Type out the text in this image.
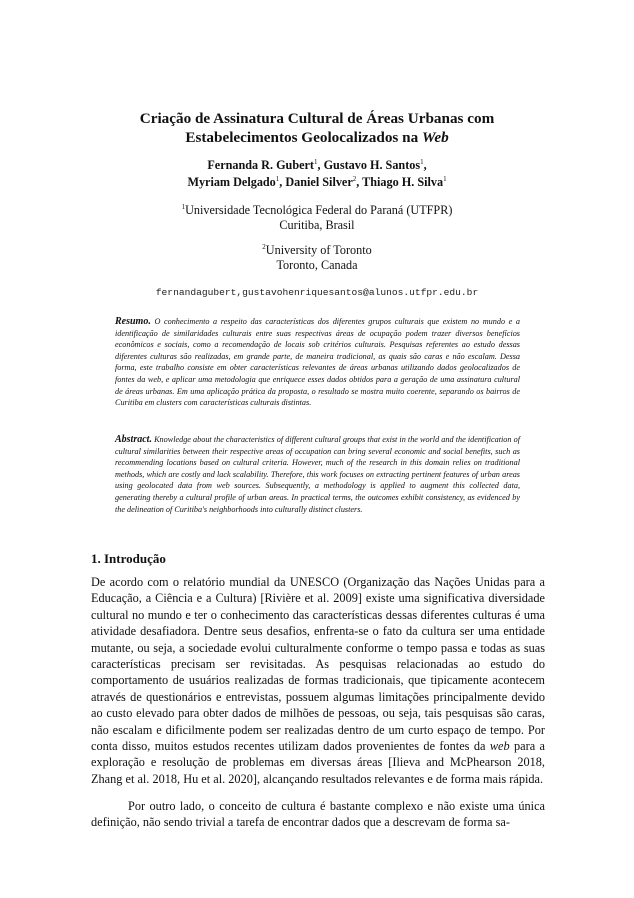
Criação de Assinatura Cultural de Áreas Urbanas com
Estabelecimentos Geolocalizados na Web
Fernanda R. Gubert$^1$, Gustavo H. Santos$^1$,
Myriam Delgado$^1$, Daniel Silver$^2$, Thiago H. Silva$^1$
$^1$Universidade Tecnológica Federal do Paraná (UTFPR)
Curitiba, Brasil
$^2$University of Toronto
Toronto, Canada
fernandagubert,gustavohenriquesantos@alunos.utfpr.edu.br
Resumo. O conhecimento a respeito das características dos diferentes grupos culturais que existem no mundo e a identificação de similaridades culturais entre suas respectivas áreas de ocupação podem trazer diversos benefícios econômicos e sociais, como a recomendação de locais sob critérios culturais. Pesquisas referentes ao estudo dessas diferentes culturas são realizadas, em grande parte, de maneira tradicional, as quais são caras e não escalam. Dessa forma, este trabalho consiste em obter características relevantes de áreas urbanas utilizando dados geolocalizados de fontes da web, e aplicar uma metodologia que enriquece esses dados obtidos para a geração de uma assinatura cultural de áreas urbanas. Em uma aplicação prática da proposta, o resultado se mostra muito coerente, separando os bairros de Curitiba em clusters com características culturais distintas.
Abstract. Knowledge about the characteristics of different cultural groups that exist in the world and the identification of cultural similarities between their respective areas of occupation can bring several economic and social benefits, such as recommending locations based on cultural criteria. However, much of the research in this domain relies on traditional methods, which are costly and lack scalability. Therefore, this work focuses on extracting pertinent features of urban areas using geolocated data from web sources. Subsequently, a methodology is applied to augment this collected data, generating thereby a cultural profile of urban areas. In practical terms, the outcomes exhibit consistency, as evidenced by the delineation of Curitiba's neighborhoods into culturally distinct clusters.
1. Introdução
De acordo com o relatório mundial da UNESCO (Organização das Nações Unidas para a Educação, a Ciência e a Cultura) [Rivière et al. 2009] existe uma significativa diversidade cultural no mundo e ter o conhecimento das características dessas diferentes culturas é uma atividade desafiadora. Dentre seus desafios, enfrenta-se o fato da cultura ser uma entidade mutante, ou seja, a sociedade evolui culturalmente conforme o tempo passa e todas as suas características precisam ser revisitadas. As pesquisas relacionadas ao estudo do comportamento de usuários realizadas de formas tradicionais, que tipicamente acontecem através de questionários e entrevistas, possuem algumas limitações principalmente devido ao custo elevado para obter dados de milhões de pessoas, ou seja, tais pesquisas são caras, não escalam e dificilmente podem ser realizadas dentro de um curto espaço de tempo. Por conta disso, muitos estudos recentes utilizam dados provenientes de fontes da web para a exploração e resolução de problemas em diversas áreas [Ilieva and McPhearson 2018, Zhang et al. 2018, Hu et al. 2020], alcançando resultados relevantes e de forma mais rápida.
Por outro lado, o conceito de cultura é bastante complexo e não existe uma única definição, não sendo trivial a tarefa de encontrar dados que a descrevam de forma sa-
